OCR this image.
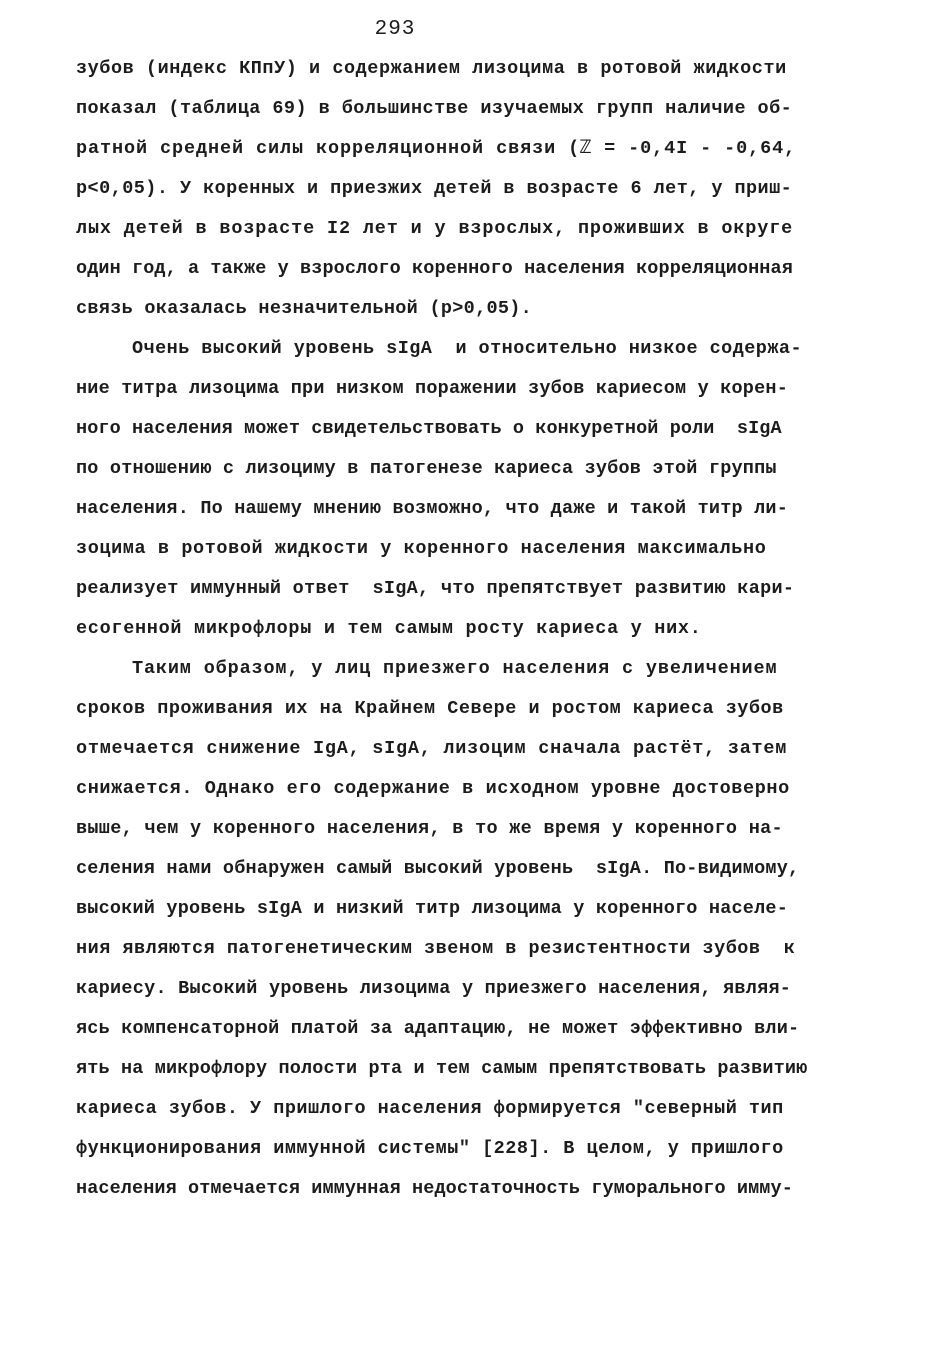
293
зубов (индекс КПпУ) и содержанием лизоцима в ротовой жидкости
показал (таблица 69) в большинстве изучаемых групп наличие об-
ратной средней силы корреляционной связи (ℤ = -0,4I - -0,64,
p<0,05). У коренных и приезжих детей в возрасте 6 лет, у приш-
лых детей в возрасте I2 лет и у взрослых, проживших в округе
один год, а также у взрослого коренного населения корреляционная
связь оказалась незначительной (p>0,05).
Очень высокий уровень sIgA  и относительно низкое содержа-
ние титра лизоцима при низком поражении зубов кариесом у корен-
ного населения может свидетельствовать о конкуретной роли  sIgA
по отношению с лизоциму в патогенезе кариеса зубов этой группы
населения. По нашему мнению возможно, что даже и такой титр ли-
зоцима в ротовой жидкости у коренного населения максимально
реализует иммунный ответ  sIgA, что препятствует развитию кари-
есогенной микрофлоры и тем самым росту кариеса у них.
Таким образом, у лиц приезжего населения с увеличением
сроков проживания их на Крайнем Севере и ростом кариеса зубов
отмечается снижение IgA, sIgA, лизоцим сначала растёт, затем
снижается. Однако его содержание в исходном уровне достоверно
выше, чем у коренного населения, в то же время у коренного на-
селения нами обнаружен самый высокий уровень  sIgA. По-видимому,
высокий уровень sIgA и низкий титр лизоцима у коренного населе-
ния являются патогенетическим звеном в резистентности зубов  к
кариесу. Высокий уровень лизоцима у приезжего населения, являя-
ясь компенсаторной платой за адаптацию, не может эффективно вли-
ять на микрофлору полости рта и тем самым препятствовать развитию
кариеса зубов. У пришлого населения формируется "северный тип
функционирования иммунной системы" [228]. В целом, у пришлого
населения отмечается иммунная недостаточность гуморального имму-
